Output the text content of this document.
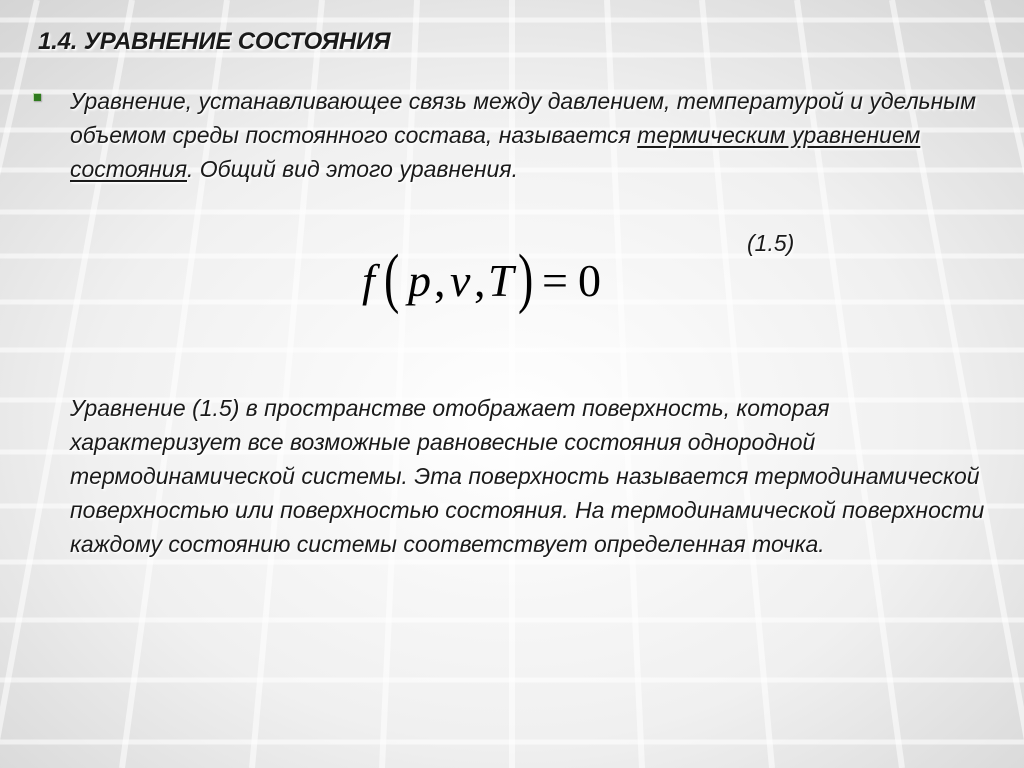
1.4. УРАВНЕНИЕ СОСТОЯНИЯ

Уравнение, устанавливающее связь между давлением, температурой и удельным объемом среды постоянного состава, называется термическим уравнением состояния. Общий вид этого уравнения.

(1.5)
f ( p , v , T ) = 0

Уравнение (1.5) в пространстве отображает поверхность, которая характеризует все возможные равновесные состояния однородной термодинамической системы. Эта поверхность называется термодинамической поверхностью или поверхностью состояния. На термодинамической поверхности каждому состоянию системы соответствует определенная точка.
